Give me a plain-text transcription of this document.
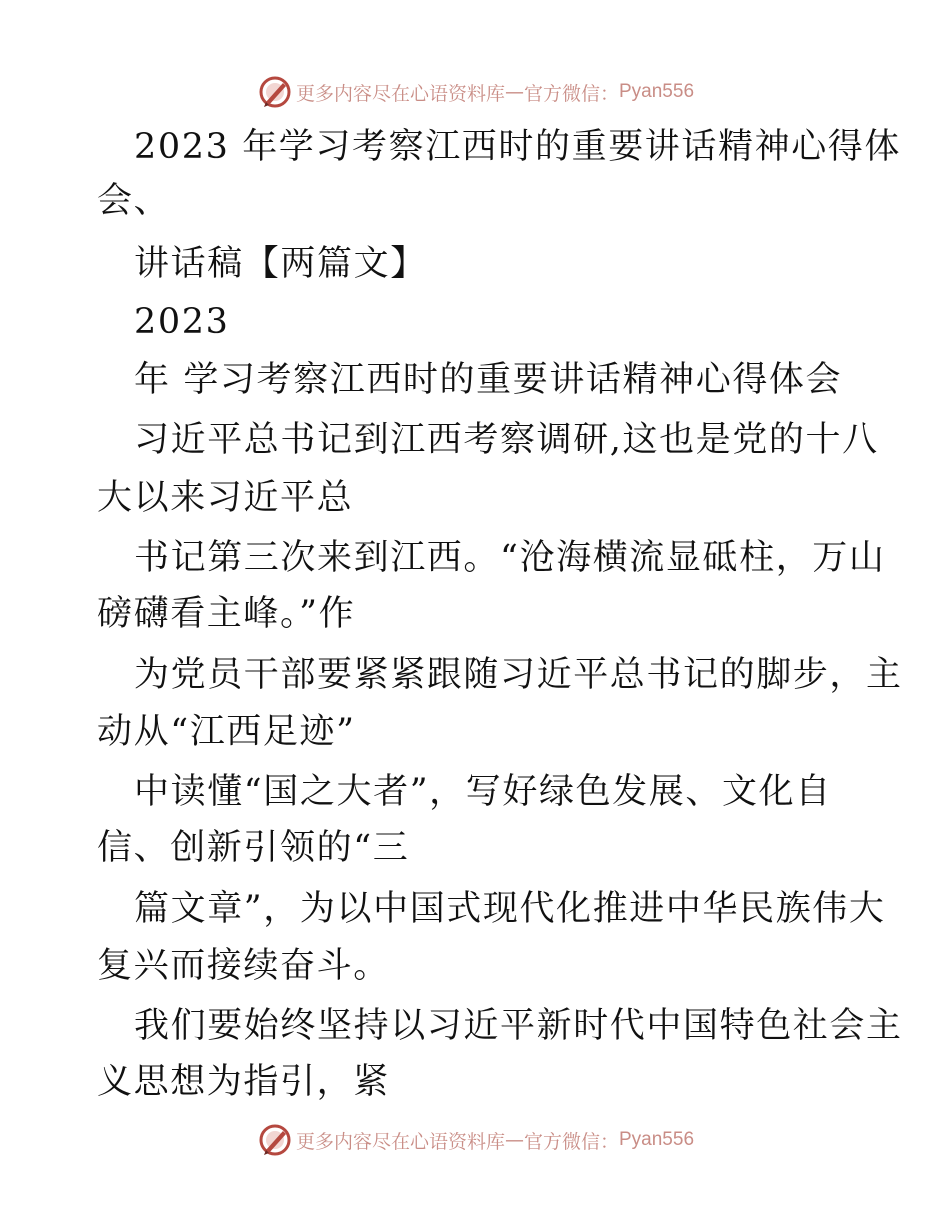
更多内容尽在心语资料库 — 官方微信： Pyan556
2023 年学习考察江西时的重要讲话精神心得体
会、
讲话稿【两篇文】
2023
年 学习考察江西时的重要讲话精神心得体会
习近平总书记到江西考察调研,这也是党的十八
大以来习近平总
书记第三次来到江西。“沧海横流显砥柱，万山
磅礴看主峰。”作
为党员干部要紧紧跟随习近平总书记的脚步，主
动从“江西足迹”
中读懂“国之大者”，写好绿色发展、文化自
信、创新引领的“三
篇文章”，为以中国式现代化推进中华民族伟大
复兴而接续奋斗。
我们要始终坚持以习近平新时代中国特色社会主
义思想为指引，紧
更多内容尽在心语资料库 — 官方微信： Pyan556
